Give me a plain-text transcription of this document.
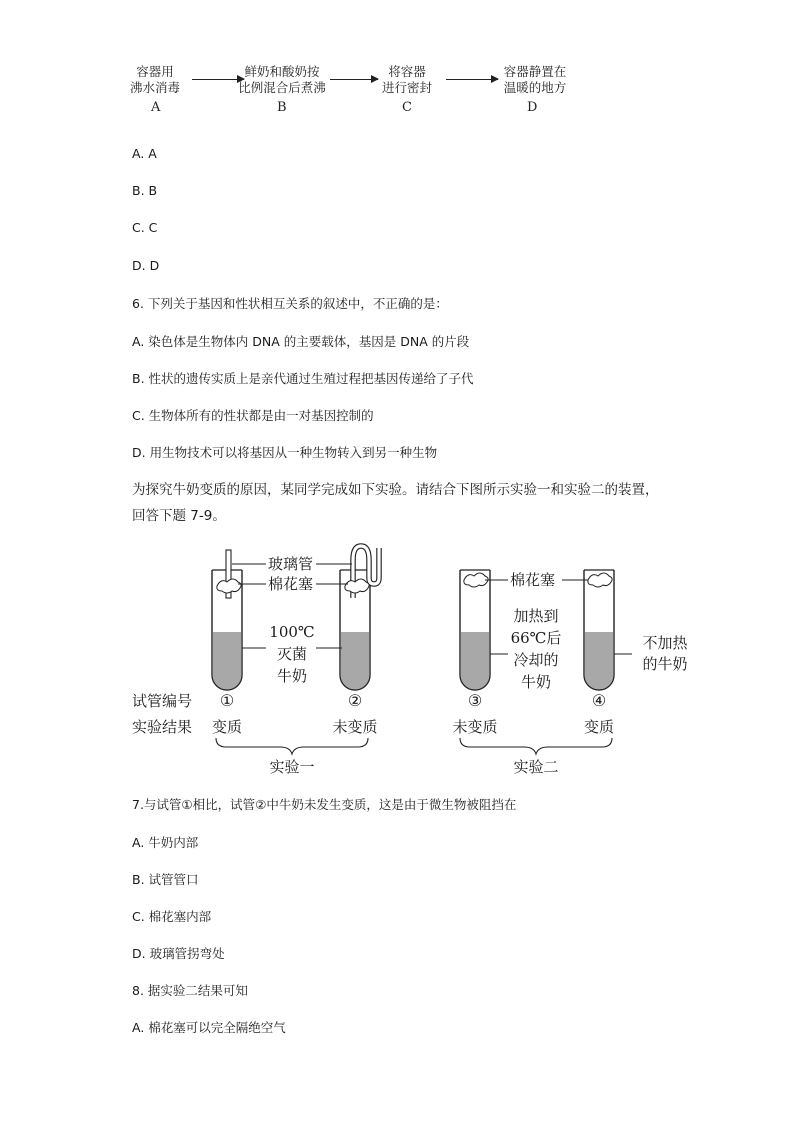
容器用
沸水消毒
鲜奶和酸奶按
比例混合后煮沸
将容器
进行密封
容器静置在
温暖的地方
A	B	C	D
A. A
B. B
C. C
D. D
6. 下列关于基因和性状相互关系的叙述中，不正确的是：
A. 染色体是生物体内 DNA 的主要载体，基因是 DNA 的片段
B. 性状的遗传实质上是亲代通过生殖过程把基因传递给了子代
C. 生物体所有的性状都是由一对基因控制的
D. 用生物技术可以将基因从一种生物转入到另一种生物
为探究牛奶变质的原因，某同学完成如下实验。请结合下图所示实验一和实验二的装置，
回答下题 7-9。
玻璃管
棉花塞	棉花塞
100℃
灭菌
牛奶
加热到
66℃后
冷却的
牛奶
不加热
的牛奶
试管编号
实验结果
①	②	③	④
变质	未变质	未变质	变质
实验一	实验二
7.与试管①相比，试管②中牛奶未发生变质，这是由于微生物被阻挡在
A. 牛奶内部
B. 试管管口
C. 棉花塞内部
D. 玻璃管拐弯处
8. 据实验二结果可知
A. 棉花塞可以完全隔绝空气
